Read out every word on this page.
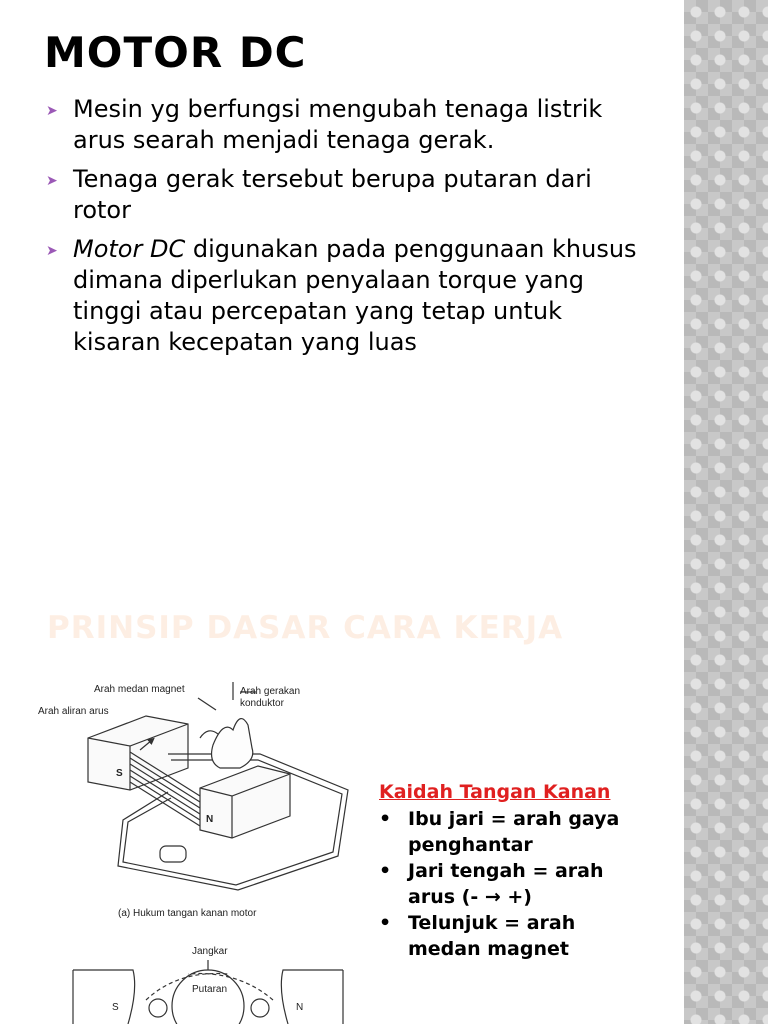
MOTOR DC
➤ Mesin yg berfungsi mengubah tenaga listrik arus searah menjadi tenaga gerak.
➤ Tenaga gerak tersebut berupa putaran dari rotor
➤ Motor DC digunakan pada penggunaan khusus dimana diperlukan penyalaan torque yang tinggi atau percepatan yang tetap untuk kisaran kecepatan yang luas
PRINSIP DASAR CARA KERJA
Arah medan magnet	Arah gerakan
konduktor
Arah aliran arus
S
N
(a) Hukum tangan kanan motor
Jangkar
Putaran
S	N

Kaidah Tangan Kanan

• Ibu jari = arah gaya penghantar
• Jari tengah = arah arus (- → +)
• Telunjuk = arah medan magnet
